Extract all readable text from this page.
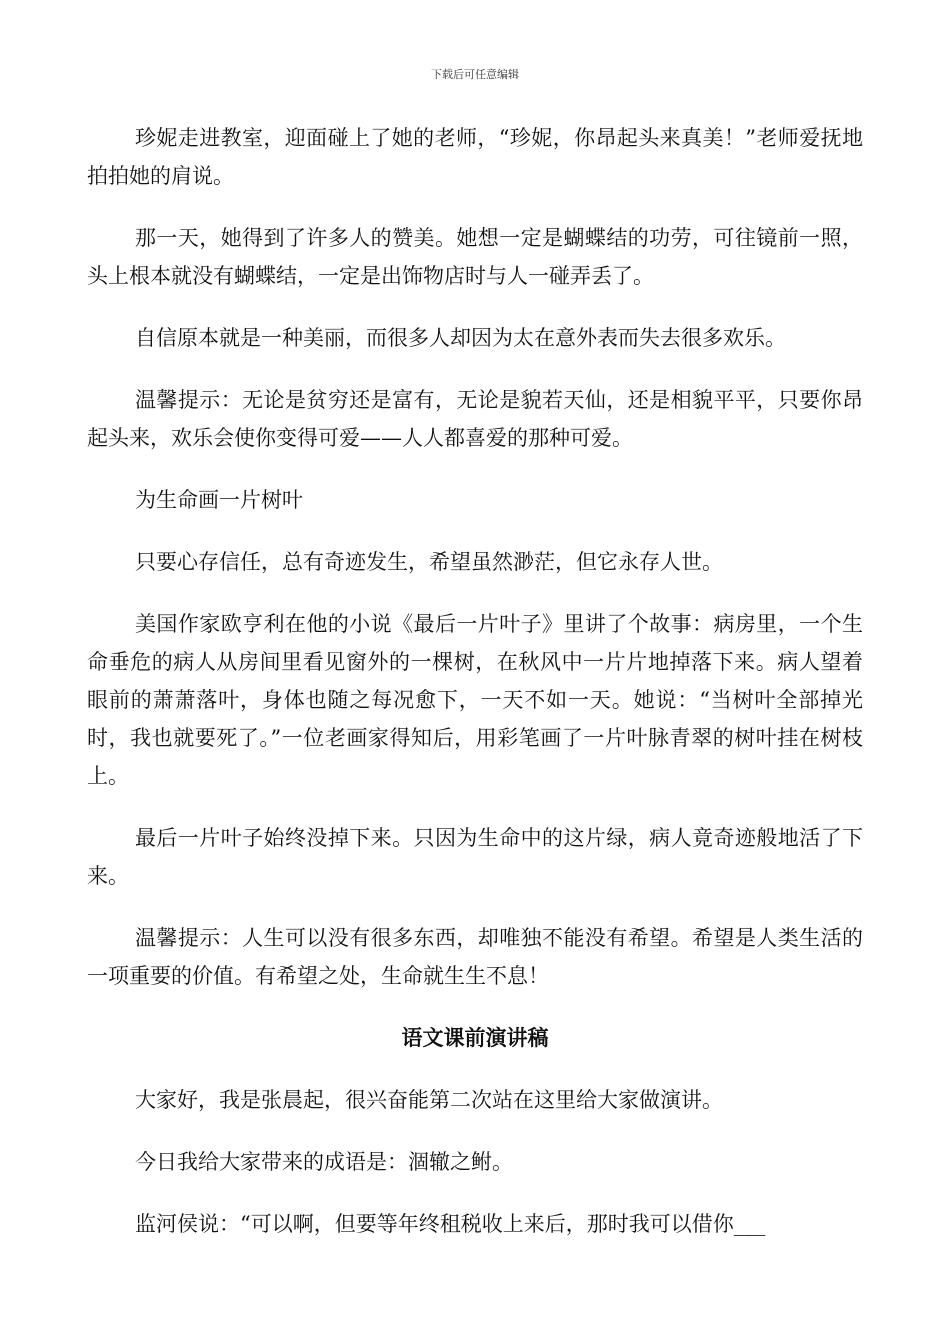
下载后可任意编辑

珍妮走进教室，迎面碰上了她的老师，“珍妮，你昂起头来真美！”老师爱抚地拍拍她的肩说。

那一天，她得到了许多人的赞美。她想一定是蝴蝶结的功劳，可往镜前一照，头上根本就没有蝴蝶结，一定是出饰物店时与人一碰弄丢了。

自信原本就是一种美丽，而很多人却因为太在意外表而失去很多欢乐。

温馨提示：无论是贫穷还是富有，无论是貌若天仙，还是相貌平平，只要你昂起头来，欢乐会使你变得可爱——人人都喜爱的那种可爱。

为生命画一片树叶

只要心存信任，总有奇迹发生，希望虽然渺茫，但它永存人世。

美国作家欧亨利在他的小说《最后一片叶子》里讲了个故事：病房里，一个生命垂危的病人从房间里看见窗外的一棵树，在秋风中一片片地掉落下来。病人望着眼前的萧萧落叶，身体也随之每况愈下，一天不如一天。她说：“当树叶全部掉光时，我也就要死了。”一位老画家得知后，用彩笔画了一片叶脉青翠的树叶挂在树枝上。

最后一片叶子始终没掉下来。只因为生命中的这片绿，病人竟奇迹般地活了下来。

温馨提示：人生可以没有很多东西，却唯独不能没有希望。希望是人类生活的一项重要的价值。有希望之处，生命就生生不息！

语文课前演讲稿

大家好，我是张晨起，很兴奋能第二次站在这里给大家做演讲。

今日我给大家带来的成语是：涸辙之鲋。

监河侯说：“可以啊，但要等年终租税收上来后，那时我可以借你___
